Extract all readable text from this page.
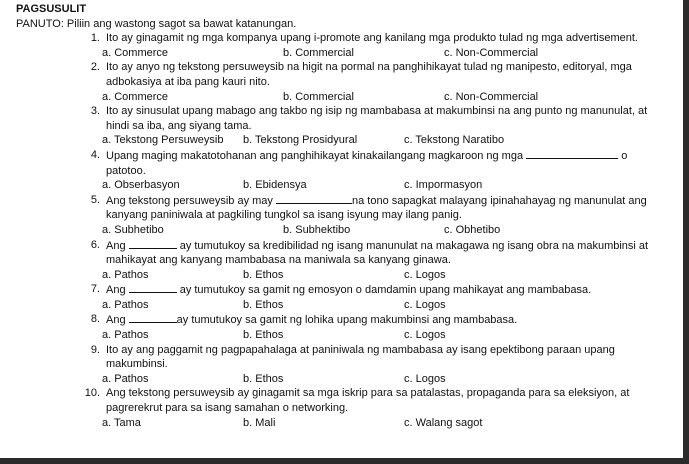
PAGSUSULIT
PANUTO: Piliin ang wastong sagot sa bawat katanungan.
1. Ito ay ginagamit ng mga kompanya upang i-promote ang kanilang mga produkto tulad ng mga advertisement.
a. Commerce	b. Commercial	c. Non-Commercial
2. Ito ay anyo ng tekstong persuweysib na higit na pormal na panghihikayat tulad ng manipesto, editoryal, mga adbokasiya at iba pang kauri nito.
a. Commerce	b. Commercial	c. Non-Commercial
3. Ito ay sinusulat upang mabago ang takbo ng isip ng mambabasa at makumbinsi na ang punto ng manunulat, at hindi sa iba, ang siyang tama.
a. Tekstong Persuweysib b. Tekstong Prosidyural	c. Tekstong Naratibo
4. Upang maging makatotohanan ang panghihikayat kinakailangang magkaroon ng mga	o patotoo.
a. Obserbasyon	b. Ebidensya	c. Impormasyon
5. Ang tekstong persuweysib ay may	na tono sapagkat malayang ipinahahayag ng manunulat ang kanyang paniniwala at pagkiling tungkol sa isang isyung may ilang panig.
a. Subhetibo	b. Subhektibo	c. Obhetibo
6. Ang	ay tumutukoy sa kredibilidad ng isang manunulat na makagawa ng isang obra na makumbinsi at mahikayat ang kanyang mambabasa na maniwala sa kanyang ginawa.
a. Pathos	b. Ethos	c. Logos
7. Ang	ay tumutukoy sa gamit ng emosyon o damdamin upang mahikayat ang mambabasa.
a. Pathos	b. Ethos	c. Logos
8. Ang	ay tumutukoy sa gamit ng lohika upang makumbinsi ang mambabasa.
a. Pathos	b. Ethos	c. Logos
9. Ito ay ang paggamit ng pagpapahalaga at paniniwala ng mambabasa ay isang epektibong paraan upang makumbinsi.
a. Pathos	b. Ethos	c. Logos
10. Ang tekstong persuweysib ay ginagamit sa mga iskrip para sa patalastas, propaganda para sa eleksiyon, at pagrerekrut para sa isang samahan o networking.
a. Tama	b. Mali	c. Walang sagot
